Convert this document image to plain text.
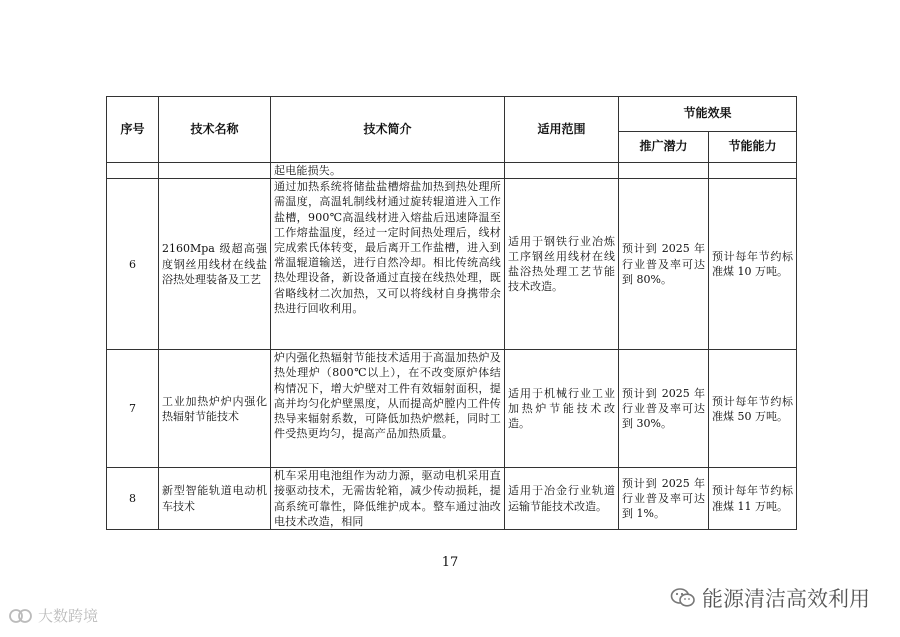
序号	技术名称	技术简介	适用范围	节能效果	
				推广潜力	节能能力
		起电能损失。			
6	2160Mpa 级超高强度钢丝用线材在线盐浴热处理装备及工艺	通过加热系统将储盐盐槽熔盐加热到热处理所需温度，高温轧制线材通过旋转辊道进入工作盐槽，900℃高温线材进入熔盐后迅速降温至工作熔盐温度，经过一定时间热处理后，线材完成索氏体转变，最后离开工作盐槽，进入到常温辊道输送，进行自然冷却。相比传统高线热处理设备，新设备通过直接在线热处理，既省略线材二次加热，又可以将线材自身携带余热进行回收利用。	适用于钢铁行业冶炼工序钢丝用线材在线盐浴热处理工艺节能技术改造。	预计到 2025 年行业普及率可达到 80%。	预计每年节约标准煤 10 万吨。
7	工业加热炉炉内强化热辐射节能技术	炉内强化热辐射节能技术适用于高温加热炉及热处理炉（800℃以上），在不改变原炉体结构情况下，增大炉壁对工件有效辐射面积，提高并均匀化炉壁黑度，从而提高炉膛内工件传热导来辐射系数，可降低加热炉燃耗，同时工件受热更均匀，提高产品加热质量。	适用于机械行业工业加热炉节能技术改造。	预计到 2025 年行业普及率可达到 30%。	预计每年节约标准煤 50 万吨。
8	新型智能轨道电动机车技术	机车采用电池组作为动力源，驱动电机采用直接驱动技术，无需齿轮箱，减少传动损耗，提高系统可靠性，降低维护成本。整车通过油改电技术改造，相同	适用于冶金行业轨道运输节能技术改造。	预计到 2025 年行业普及率可达到 1%。	预计每年节约标准煤 11 万吨。
17
能源清洁高效利用
大数跨境
